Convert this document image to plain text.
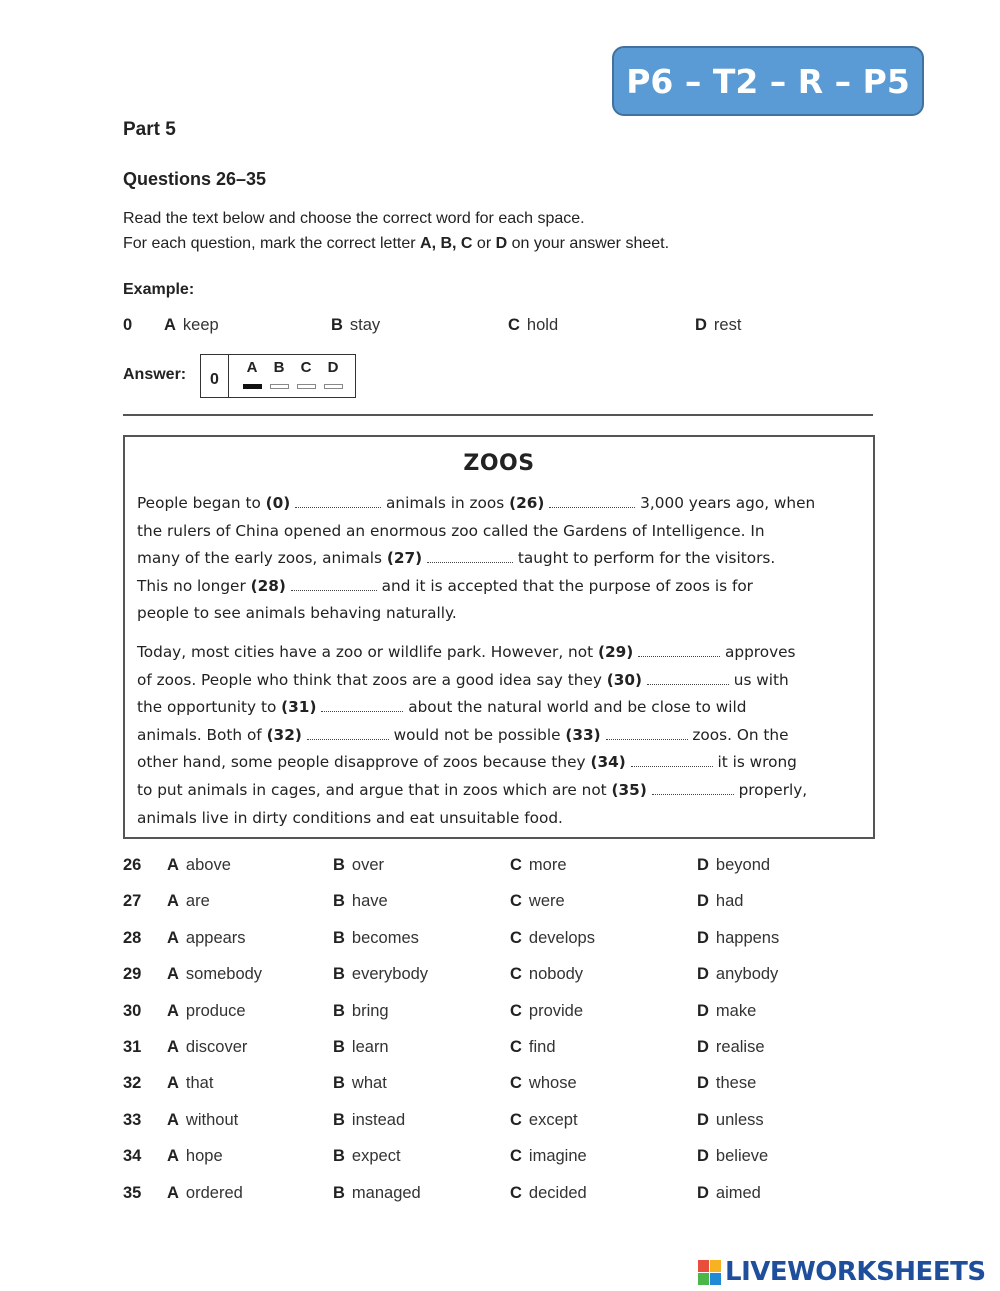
P6 – T2 – R – P5
Part 5
Questions 26–35
Read the text below and choose the correct word for each space.
For each question, mark the correct letter A, B, C or D on your answer sheet.
Example:
0 A keep	B stay	C hold	D rest
Answer:	0
A	B	C	D
ZOOS
People began to (0)	animals in zoos (26)	3,000 years ago, when
the rulers of China opened an enormous zoo called the Gardens of Intelligence. In
many of the early zoos, animals (27)	taught to perform for the visitors.
This no longer (28)	and it is accepted that the purpose of zoos is for
people to see animals behaving naturally.
Today, most cities have a zoo or wildlife park. However, not (29)	approves
of zoos. People who think that zoos are a good idea say they (30)	us with
the opportunity to (31)	about the natural world and be close to wild
animals. Both of (32)	would not be possible (33)	zoos. On the
other hand, some people disapprove of zoos because they (34)	it is wrong
to put animals in cages, and argue that in zoos which are not (35)	properly,
animals live in dirty conditions and eat unsuitable food.
26 A above	B over	C more	D beyond
27 A are	B have	C were	D had
28 A appears	B becomes	C develops	D happens
29 A somebody	B everybody	C nobody	D anybody
30 A produce	B bring	C provide	D make
31 A discover	B learn	C find	D realise
32 A that	B what	C whose	D these
33 A without	B instead	C except	D unless
34 A hope	B expect	C imagine	D believe
35 A ordered	B managed	C decided	D aimed
LIVEWORKSHEETS
